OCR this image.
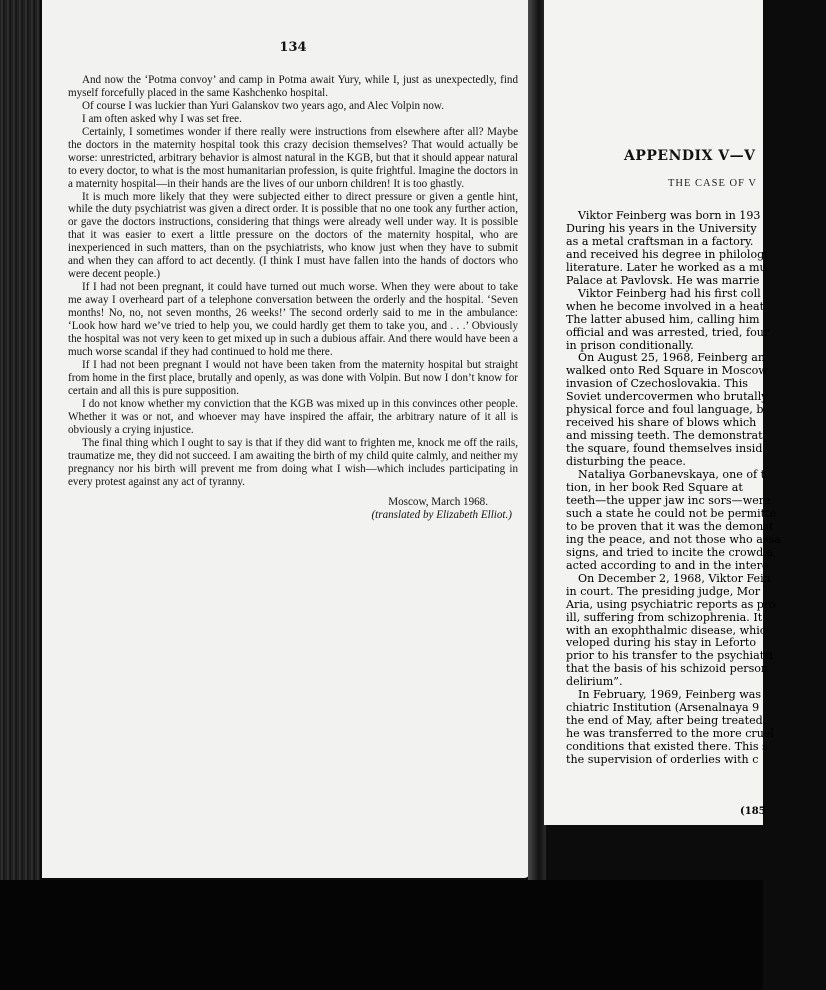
134

And now the ‘Potma convoy’ and camp in Potma await Yury, while I, just as unexpectedly, find myself forcefully placed in the same Kashchenko hospital.

Of course I was luckier than Yuri Galanskov two years ago, and Alec Volpin now.

I am often asked why I was set free.

Certainly, I sometimes wonder if there really were instructions from elsewhere after all? Maybe the doctors in the maternity hospital took this crazy decision themselves? That would actually be worse: unrestricted, arbitrary behavior is almost natural in the KGB, but that it should appear natural to every doctor, to what is the most humanitarian profession, is quite frightful. Imagine the doctors in a maternity hospital—in their hands are the lives of our unborn children! It is too ghastly.

It is much more likely that they were subjected either to direct pressure or given a gentle hint, while the duty psychiatrist was given a direct order. It is possible that no one took any further action, or gave the doctors instructions, considering that things were already well under way. It is possible that it was easier to exert a little pressure on the doctors of the maternity hospital, who are inexperienced in such matters, than on the psychiatrists, who know just when they have to submit and when they can afford to act decently. (I think I must have fallen into the hands of doctors who were decent people.)

If I had not been pregnant, it could have turned out much worse. When they were about to take me away I overheard part of a telephone conversation between the orderly and the hospital. ‘Seven months! No, no, not seven months, 26 weeks!’ The second orderly said to me in the ambulance: ‘Look how hard we’ve tried to help you, we could hardly get them to take you, and . . .’ Obviously the hospital was not very keen to get mixed up in such a dubious affair. And there would have been a much worse scandal if they had continued to hold me there.

If I had not been pregnant I would not have been taken from the maternity hospital but straight from home in the first place, brutally and openly, as was done with Volpin. But now I don’t know for certain and all this is pure supposition.

I do not know whether my conviction that the KGB was mixed up in this convinces other people. Whether it was or not, and whoever may have inspired the affair, the arbitrary nature of it all is obviously a crying injustice.

The final thing which I ought to say is that if they did want to frighten me, knock me off the rails, traumatize me, they did not succeed. I am awaiting the birth of my child quite calmly, and neither my pregnancy nor his birth will prevent me from doing what I wish—which includes participating in every protest against any act of tyranny.

Moscow, March 1968.
(translated by Elizabeth Elliot.)
APPENDIX V—V
THE CASE OF V

Viktor Feinberg was born in 193

During his years in the University

as a metal craftsman in a factory.

and received his degree in philologi

literature. Later he worked as a mu

Palace at Pavlovsk. He was marrie

Viktor Feinberg had his first coll

when he become involved in a heat

The latter abused him, calling him

official and was arrested, tried, four

in prison conditionally.

On August 25, 1968, Feinberg an

walked onto Red Square in Moscow

invasion of Czechoslovakia. This

Soviet undercovermen who brutally

physical force and foul language, b

received his share of blows which

and missing teeth. The demonstrat

the square, found themselves insid

disturbing the peace.

Nataliya Gorbanevskaya, one of t

tion, in her book Red Square at

teeth—the upper jaw inc sors—were

such a state he could not be permitte

to be proven that it was the demonst

ing the peace, and not those who assa

signs, and tried to incite the crowd a

acted according to and in the intere

On December 2, 1968, Viktor Fein

in court. The presiding judge, Mor

Aria, using psychiatric reports as pro

ill, suffering from schizophrenia. It

with an exophthalmic disease, whic

veloped during his stay in Leforto

prior to his transfer to the psychiatri

that the basis of his schizoid person

delirium”.

In February, 1969, Feinberg was

chiatric Institution (Arsenalnaya 9

the end of May, after being treated

he was transferred to the more cruel

conditions that existed there. This s

the supervision of orderlies with c

(185
